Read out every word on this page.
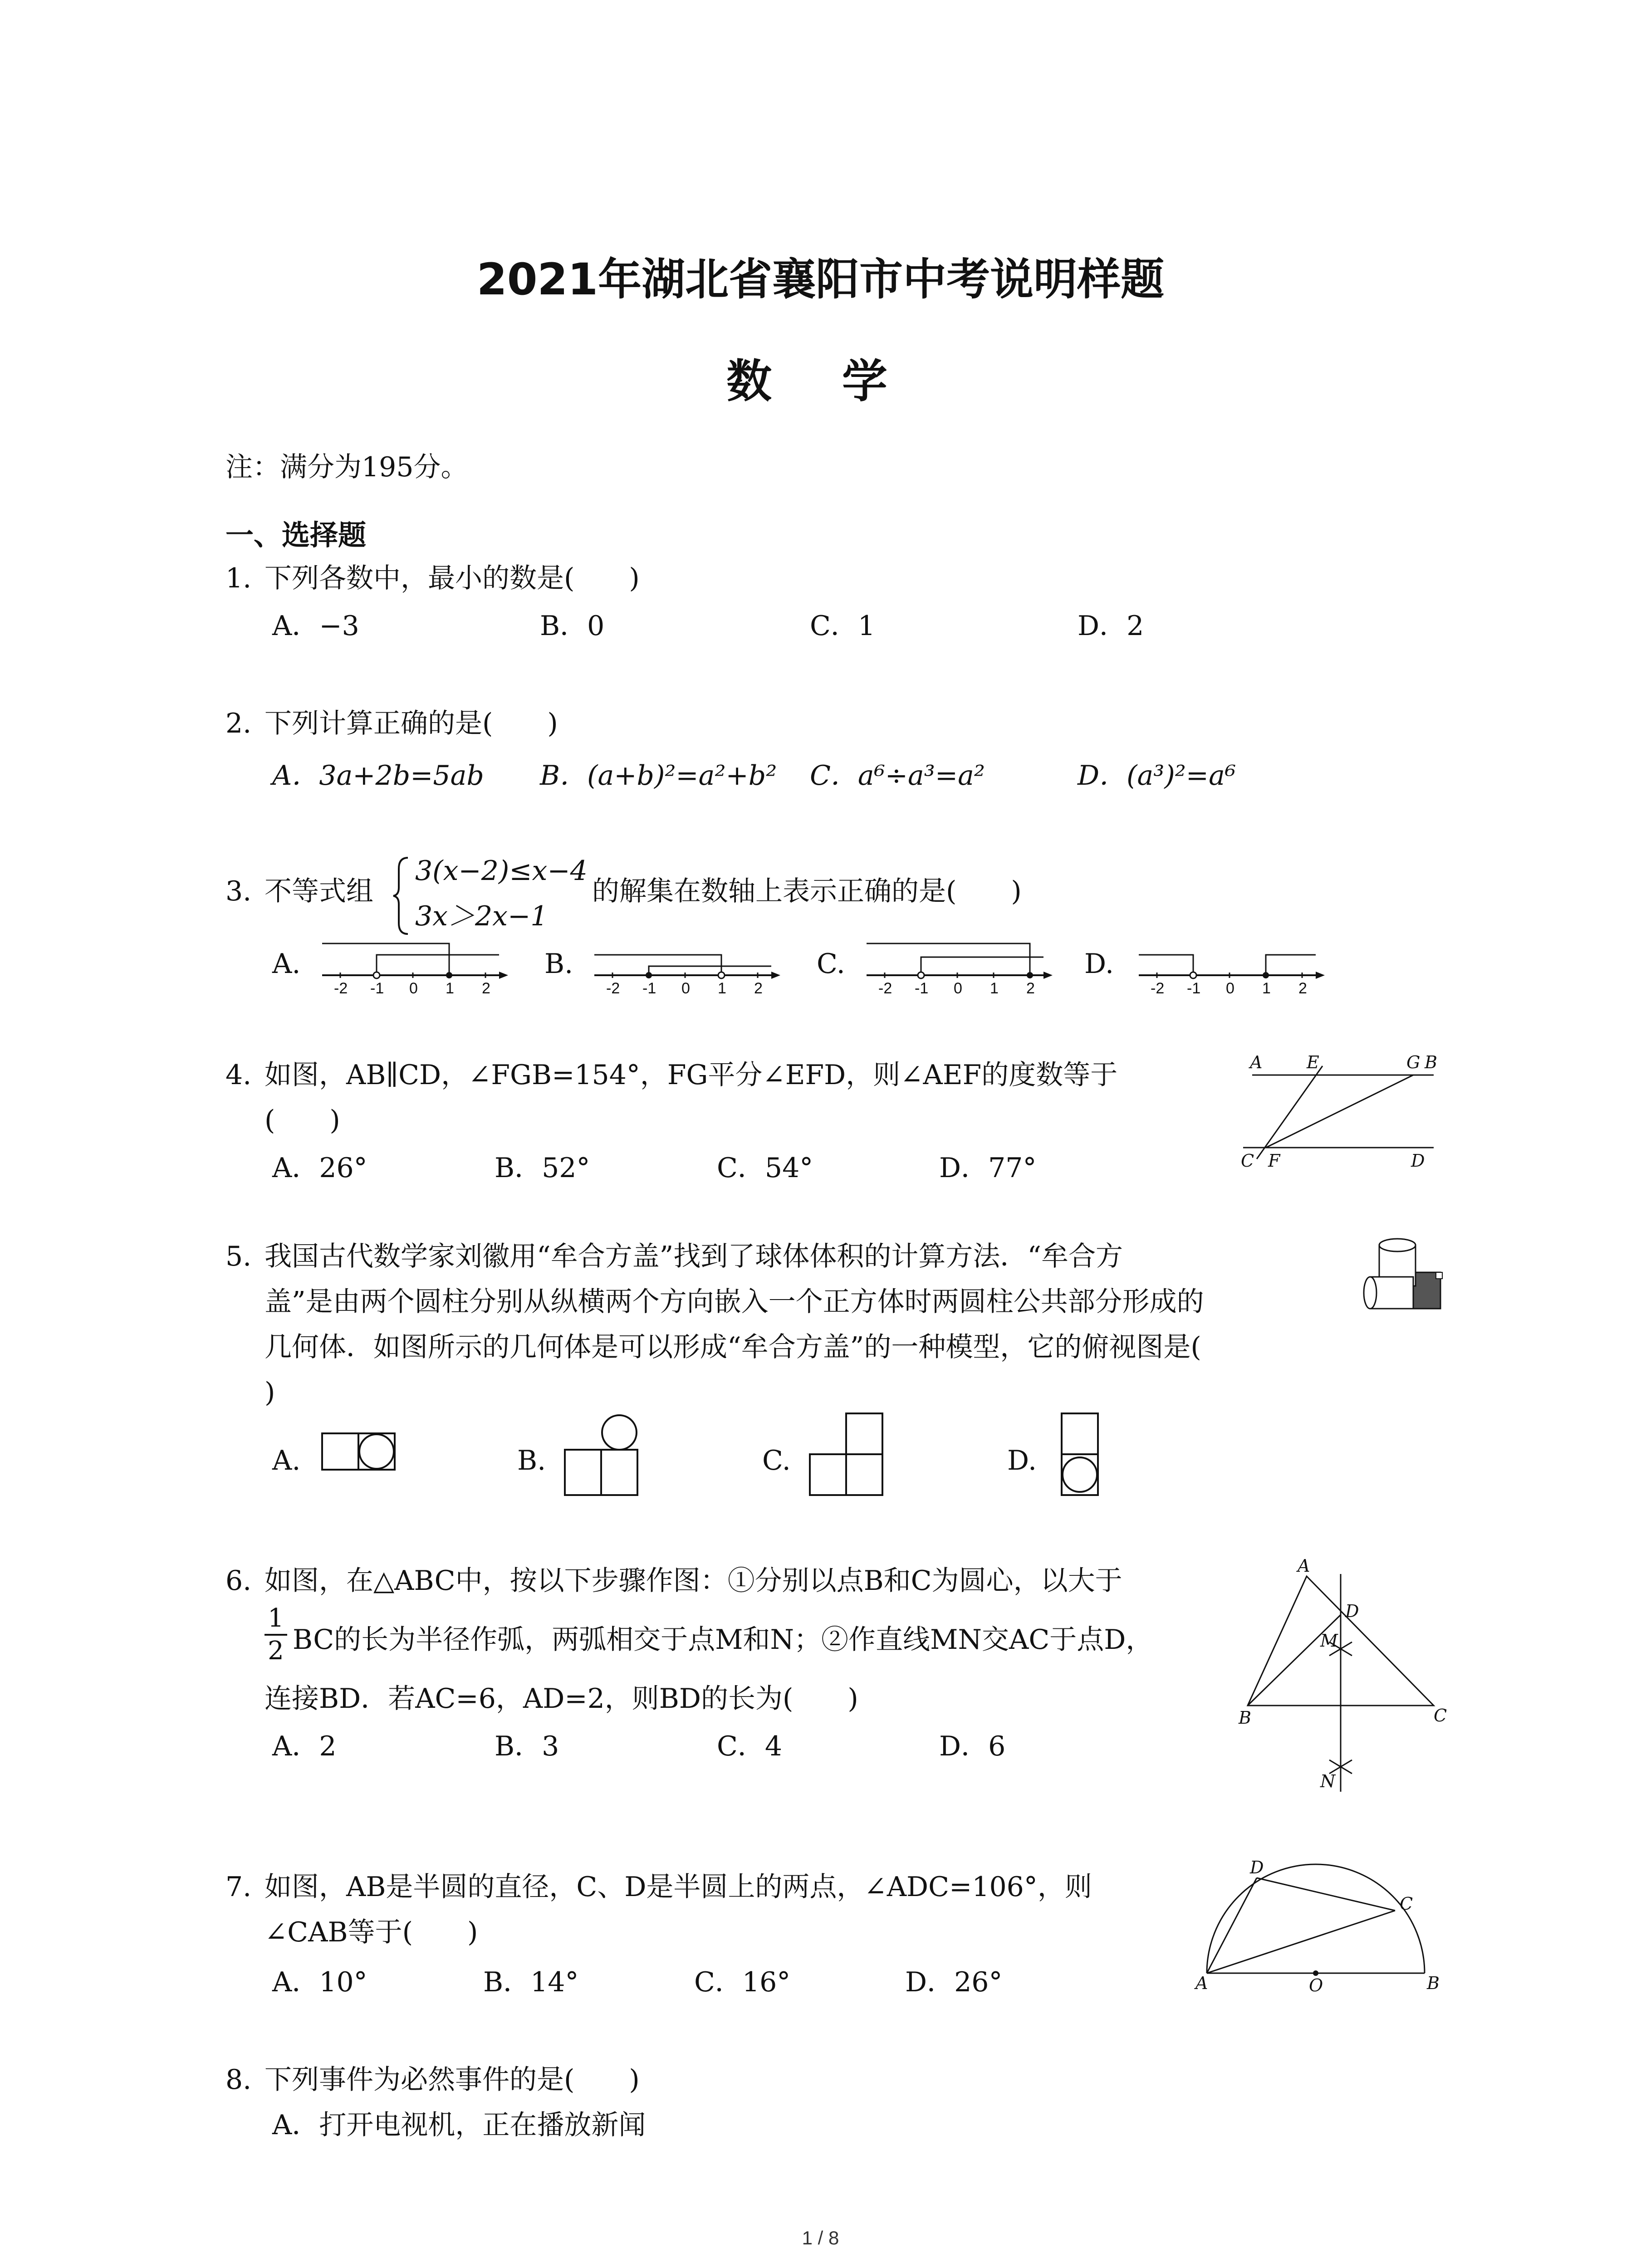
2021年湖北省襄阳市中考说明样题
数 学
注：满分为195分。
一、选择题
1. 下列各数中，最小的数是(　　)
A．−3	B．0	C．1	D．2
2. 下列计算正确的是(　　)
A．3a+2b=5ab B．(a+b)²=a²+b² C．a⁶÷a³=a²	D．(a³)²=a⁶
3. 不等式组
3(x−2)≤x−4
3x＞2x−1
的解集在数轴上表示正确的是(　　)
A.	B.	C.	D.
-2 -1 0 1 2	-2 -1 0 1 2	-2 -1 0 1 2	-2 -1 0 1 2
4. 如图，AB∥CD，∠FGB=154°，FG平分∠EFD，则∠AEF的度数等于
(　　)
A．26°	B．52°	C．54°	D．77°
A	E	G B
C F	D
5. 我国古代数学家刘徽用“牟合方盖”找到了球体体积的计算方法．“牟合方
盖”是由两个圆柱分别从纵横两个方向嵌入一个正方体时两圆柱公共部分形成的
几何体．如图所示的几何体是可以形成“牟合方盖”的一种模型，它的俯视图是(
)
A.	B.	C.	D.
6. 如图，在△ABC中，按以下步骤作图：①分别以点B和C为圆心，以大于
1
2 BC的长为半径作弧，两弧相交于点M和N；②作直线MN交AC于点D，
连接BD．若AC=6，AD=2，则BD的长为(　　)
A．2	B．3	C．4	D．6
A
D
M
B	C
N
7. 如图，AB是半圆的直径，C、D是半圆上的两点，∠ADC=106°，则
∠CAB等于(　　)
A．10°	B．14°	C．16°	D．26°
D
C
A	O	B
8. 下列事件为必然事件的是(　　)
A．打开电视机，正在播放新闻
1 / 8
